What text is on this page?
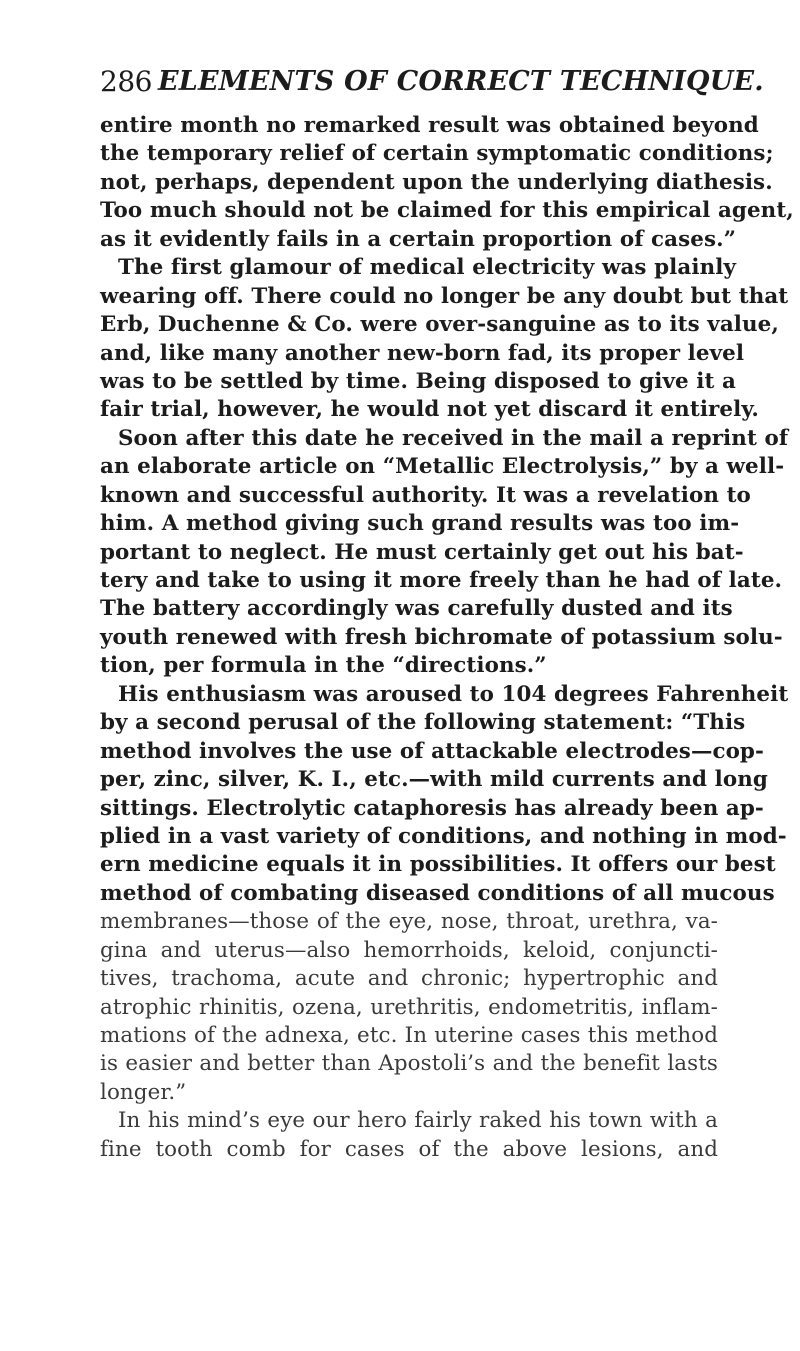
286 ELEMENTS OF CORRECT TECHNIQUE.
entire month no remarked result was obtained beyond
the temporary relief of certain symptomatic conditions;
not, perhaps, dependent upon the underlying diathesis.
Too much should not be claimed for this empirical agent,
as it evidently fails in a certain proportion of cases.”
The first glamour of medical electricity was plainly
wearing off. There could no longer be any doubt but that
Erb, Duchenne & Co. were over-sanguine as to its value,
and, like many another new-born fad, its proper level
was to be settled by time. Being disposed to give it a
fair trial, however, he would not yet discard it entirely.
Soon after this date he received in the mail a reprint of
an elaborate article on “Metallic Electrolysis,” by a well-
known and successful authority. It was a revelation to
him. A method giving such grand results was too im-
portant to neglect. He must certainly get out his bat-
tery and take to using it more freely than he had of late.
The battery accordingly was carefully dusted and its
youth renewed with fresh bichromate of potassium solu-
tion, per formula in the “directions.”
His enthusiasm was aroused to 104 degrees Fahrenheit
by a second perusal of the following statement: “This
method involves the use of attackable electrodes—cop-
per, zinc, silver, K. I., etc.—with mild currents and long
sittings. Electrolytic cataphoresis has already been ap-
plied in a vast variety of conditions, and nothing in mod-
ern medicine equals it in possibilities. It offers our best
method of combating diseased conditions of all mucous
membranes—those of the eye, nose, throat, urethra, va-
gina and uterus—also hemorrhoids, keloid, conjuncti-
tives, trachoma, acute and chronic; hypertrophic and
atrophic rhinitis, ozena, urethritis, endometritis, inflam-
mations of the adnexa, etc. In uterine cases this method
is easier and better than Apostoli’s and the benefit lasts
longer.”
In his mind’s eye our hero fairly raked his town with a
fine tooth comb for cases of the above lesions, and
